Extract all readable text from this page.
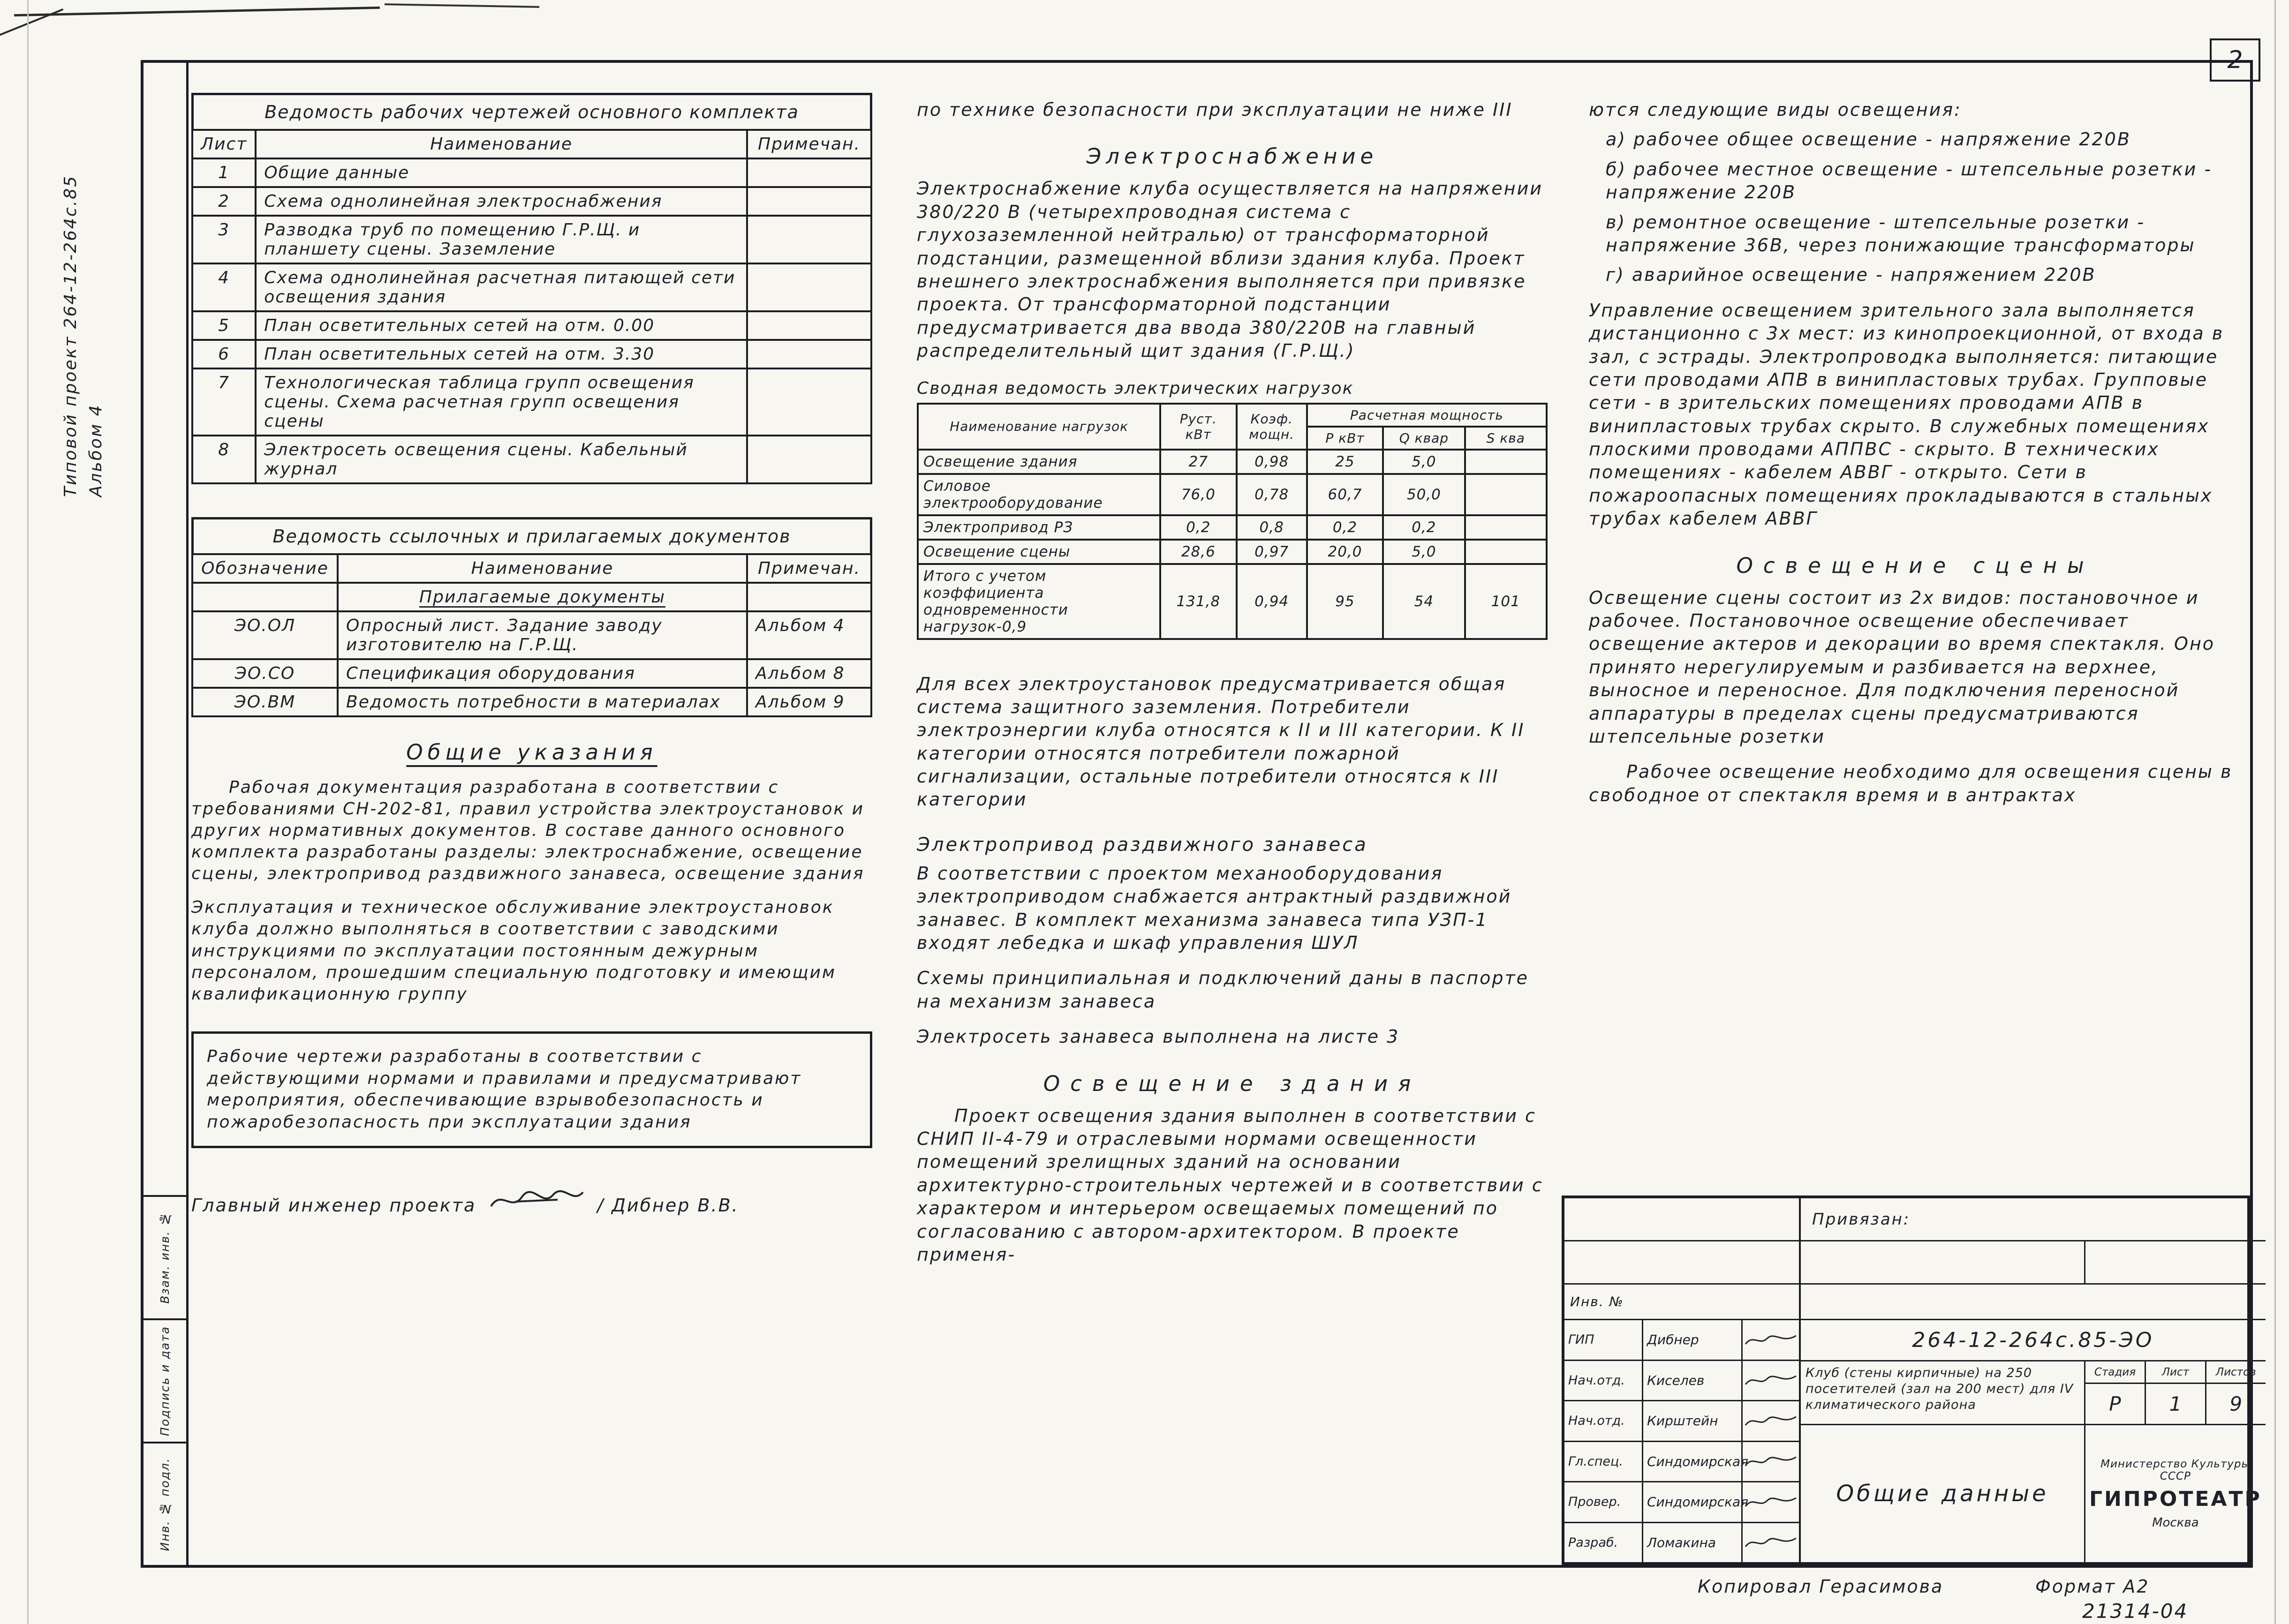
2
Типовой проект 264-12-264с.85 Альбом 4
Взам. инв. №
Подпись и дата
Инв. № подл.
Ведомость рабочих чертежей основного комплекта
Лист	Наименование	Примечан.
1	Общие данные	
2	Схема однолинейная электроснабжения	
3	Разводка труб по помещению Г.Р.Щ. и планшету сцены. Заземление	
4	Схема однолинейная расчетная питающей сети освещения здания	
5	План осветительных сетей на отм. 0.00	
6	План осветительных сетей на отм. 3.30	
7	Технологическая таблица групп освещения сцены. Схема расчетная групп освещения сцены	
8	Электросеть освещения сцены. Кабельный журнал	
Ведомость ссылочных и прилагаемых документов
Обозначение	Наименование	Примечан.
	Прилагаемые документы	
ЭО.ОЛ	Опросный лист. Задание заводу изготовителю на Г.Р.Щ.	Альбом 4
ЭО.СО	Спецификация оборудования	Альбом 8
ЭО.ВМ	Ведомость потребности в материалах	Альбом 9
Общие указания
Рабочая документация разработана в соответствии с требованиями СН-202-81, правил устройства электроустановок и других нормативных документов. В составе данного основного комплекта разработаны разделы: электроснабжение, освещение сцены, электропривод раздвижного занавеса, освещение здания
Эксплуатация и техническое обслуживание электроустановок клуба должно выполняться в соответствии с заводскими инструкциями по эксплуатации постоянным дежурным персоналом, прошедшим специальную подготовку и имеющим квалификационную группу
Рабочие чертежи разработаны в соответствии с действующими нормами и правилами и предусматривают мероприятия, обеспечивающие взрывобезопасность и пожаробезопасность при эксплуатации здания
Главный инженер проекта	/ Дибнер В.В.
по технике безопасности при эксплуатации не ниже III
Электроснабжение
Электроснабжение клуба осуществляется на напряжении 380/220 В (четырехпроводная система с глухозаземленной нейтралью) от трансформаторной подстанции, размещенной вблизи здания клуба. Проект внешнего электроснабжения выполняется при привязке проекта. От трансформаторной подстанции предусматривается два ввода 380/220В на главный распределительный щит здания (Г.Р.Щ.)
Сводная ведомость электрических нагрузок
Наименование нагрузок	Руст. кВт	Коэф. мощн.	Расчетная мощность		
			Р кВт	Q квар	S ква
Освещение здания	27	0,98	25	5,0	
Силовое электрооборудование	76,0	0,78	60,7	50,0	
Электропривод РЗ	0,2	0,8	0,2	0,2	
Освещение сцены	28,6	0,97	20,0	5,0	
Итого с учетом коэффициента одновременности нагрузок-0,9	131,8	0,94	95	54	101
Для всех электроустановок предусматривается общая система защитного заземления. Потребители электроэнергии клуба относятся к II и III категории. К II категории относятся потребители пожарной сигнализации, остальные потребители относятся к III категории
Электропривод раздвижного занавеса
В соответствии с проектом механооборудования электроприводом снабжается антрактный раздвижной занавес. В комплект механизма занавеса типа УЗП-1 входят лебедка и шкаф управления ШУЛ
Схемы принципиальная и подключений даны в паспорте на механизм занавеса
Электросеть занавеса выполнена на листе 3
Освещение здания
Проект освещения здания выполнен в соответствии с СНИП II-4-79 и отраслевыми нормами освещенности помещений зрелищных зданий на основании архитектурно-строительных чертежей и в соответствии с характером и интерьером освещаемых помещений по согласованию с автором-архитектором. В проекте применя-
ются следующие виды освещения:
а) рабочее общее освещение - напряжение 220В
б) рабочее местное освещение - штепсельные розетки - напряжение 220В
в) ремонтное освещение - штепсельные розетки - напряжение 36В, через понижающие трансформаторы
г) аварийное освещение - напряжением 220В
Управление освещением зрительного зала выполняется дистанционно с 3х мест: из кинопроекционной, от входа в зал, с эстрады. Электропроводка выполняется: питающие сети проводами АПВ в винипластовых трубах. Групповые сети - в зрительских помещениях проводами АПВ в винипластовых трубах скрыто. В служебных помещениях плоскими проводами АППВС - скрыто. В технических помещениях - кабелем АВВГ - открыто. Сети в пожароопасных помещениях прокладываются в стальных трубах кабелем АВВГ
Освещение сцены
Освещение сцены состоит из 2х видов: постановочное и рабочее. Постановочное освещение обеспечивает освещение актеров и декорации во время спектакля. Оно принято нерегулируемым и разбивается на верхнее, выносное и переносное. Для подключения переносной аппаратуры в пределах сцены предусматриваются штепсельные розетки
Рабочее освещение необходимо для освещения сцены в свободное от спектакля время и в антрактах
Инв. №
ГИП	Дибнер
Нач.отд.	Киселев
Нач.отд.	Кирштейн
Гл.спец.	Синдомирская
Провер.	Синдомирская
Разраб.	Ломакина
Привязан:
264-12-264с.85-ЭО
Клуб (стены кирпичные) на 250 посетителей (зал на 200 мест) для IV климатического района
Стадия	Лист	Листов
Р	1	9
Общие данные
Министерство Культуры СССР
ГИПРОТЕАТР
Москва
Копировал Герасимова	Формат А2
21314-04
